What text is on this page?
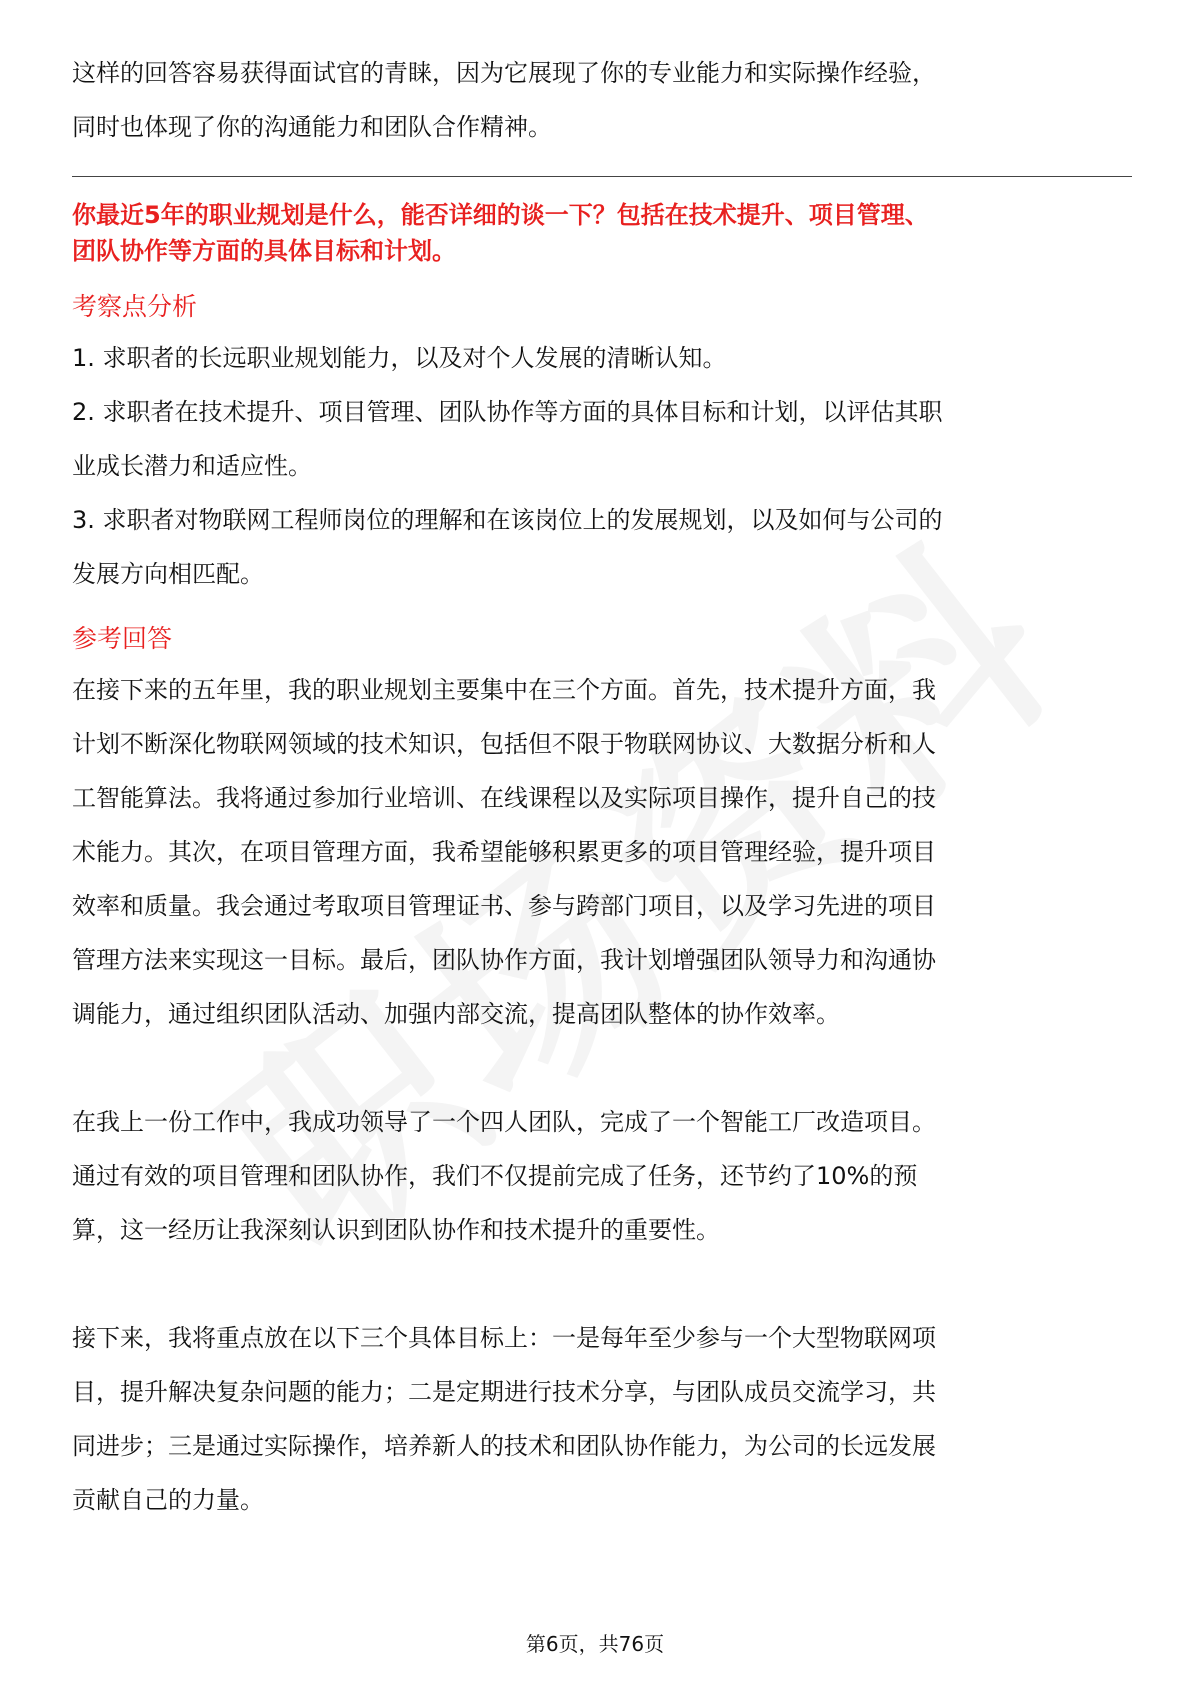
这样的回答容易获得面试官的青睐，因为它展现了你的专业能力和实际操作经验，

同时也体现了你的沟通能力和团队合作精神。

你最近5年的职业规划是什么，能否详细的谈一下？包括在技术提升、项目管理、

团队协作等方面的具体目标和计划。

考察点分析

1. 求职者的长远职业规划能力，以及对个人发展的清晰认知。

2. 求职者在技术提升、项目管理、团队协作等方面的具体目标和计划，以评估其职

业成长潜力和适应性。

3. 求职者对物联网工程师岗位的理解和在该岗位上的发展规划，以及如何与公司的

发展方向相匹配。

参考回答

在接下来的五年里，我的职业规划主要集中在三个方面。首先，技术提升方面，我

计划不断深化物联网领域的技术知识，包括但不限于物联网协议、大数据分析和人

工智能算法。我将通过参加行业培训、在线课程以及实际项目操作，提升自己的技

术能力。其次，在项目管理方面，我希望能够积累更多的项目管理经验，提升项目

效率和质量。我会通过考取项目管理证书、参与跨部门项目，以及学习先进的项目

管理方法来实现这一目标。最后，团队协作方面，我计划增强团队领导力和沟通协

调能力，通过组织团队活动、加强内部交流，提高团队整体的协作效率。

在我上一份工作中，我成功领导了一个四人团队，完成了一个智能工厂改造项目。

通过有效的项目管理和团队协作，我们不仅提前完成了任务，还节约了10%的预

算，这一经历让我深刻认识到团队协作和技术提升的重要性。

接下来，我将重点放在以下三个具体目标上：一是每年至少参与一个大型物联网项

目，提升解决复杂问题的能力；二是定期进行技术分享，与团队成员交流学习，共

同进步；三是通过实际操作，培养新人的技术和团队协作能力，为公司的长远发展

贡献自己的力量。

第6页，共76页
